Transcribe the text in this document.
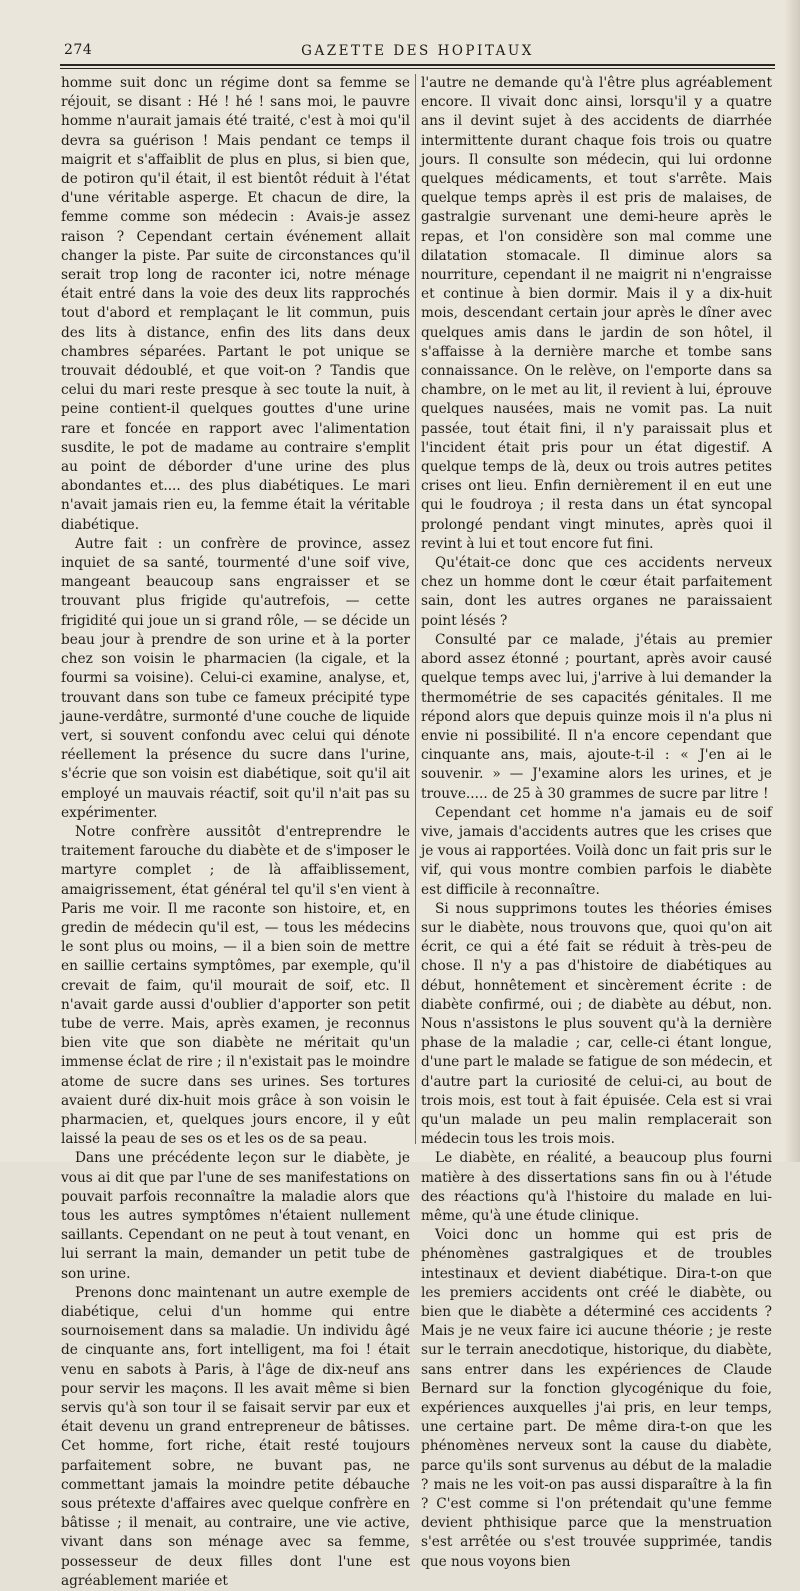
274	GAZETTE DES HOPITAUX

homme suit donc un régime dont sa femme se réjouit, se disant : Hé ! hé ! sans moi, le pauvre homme n'aurait jamais été traité, c'est à moi qu'il devra sa guérison ! Mais pendant ce temps il maigrit et s'affaiblit de plus en plus, si bien que, de potiron qu'il était, il est bientôt réduit à l'état d'une véritable asperge. Et chacun de dire, la femme comme son médecin : Avais-je assez raison ? Cependant certain événement allait changer la piste. Par suite de circonstances qu'il serait trop long de raconter ici, notre ménage était entré dans la voie des deux lits rapprochés tout d'abord et remplaçant le lit commun, puis des lits à distance, enfin des lits dans deux chambres séparées. Partant le pot unique se trouvait dédoublé, et que voit-on ? Tandis que celui du mari reste presque à sec toute la nuit, à peine contient-il quelques gouttes d'une urine rare et foncée en rapport avec l'alimentation susdite, le pot de madame au contraire s'emplit au point de déborder d'une urine des plus abondantes et.... des plus diabétiques. Le mari n'avait jamais rien eu, la femme était la véritable diabétique.

Autre fait : un confrère de province, assez inquiet de sa santé, tourmenté d'une soif vive, mangeant beaucoup sans engraisser et se trouvant plus frigide qu'autrefois, — cette frigidité qui joue un si grand rôle, — se décide un beau jour à prendre de son urine et à la porter chez son voisin le pharmacien (la cigale, et la fourmi sa voisine). Celui-ci examine, analyse, et, trouvant dans son tube ce fameux précipité type jaune-verdâtre, surmonté d'une couche de liquide vert, si souvent confondu avec celui qui dénote réellement la présence du sucre dans l'urine, s'écrie que son voisin est diabétique, soit qu'il ait employé un mauvais réactif, soit qu'il n'ait pas su expérimenter.

Notre confrère aussitôt d'entreprendre le traitement farouche du diabète et de s'imposer le martyre complet ; de là affaiblissement, amaigrissement, état général tel qu'il s'en vient à Paris me voir. Il me raconte son histoire, et, en gredin de médecin qu'il est, — tous les médecins le sont plus ou moins, — il a bien soin de mettre en saillie certains symptômes, par exemple, qu'il crevait de faim, qu'il mourait de soif, etc. Il n'avait garde aussi d'oublier d'apporter son petit tube de verre. Mais, après examen, je reconnus bien vite que son diabète ne méritait qu'un immense éclat de rire ; il n'existait pas le moindre atome de sucre dans ses urines. Ses tortures avaient duré dix-huit mois grâce à son voisin le pharmacien, et, quelques jours encore, il y eût laissé la peau de ses os et les os de sa peau.

Dans une précédente leçon sur le diabète, je vous ai dit que par l'une de ses manifestations on pouvait parfois reconnaître la maladie alors que tous les autres symptômes n'étaient nullement saillants. Cependant on ne peut à tout venant, en lui serrant la main, demander un petit tube de son urine.

Prenons donc maintenant un autre exemple de diabétique, celui d'un homme qui entre sournoisement dans sa maladie. Un individu âgé de cinquante ans, fort intelligent, ma foi ! était venu en sabots à Paris, à l'âge de dix-neuf ans pour servir les maçons. Il les avait même si bien servis qu'à son tour il se faisait servir par eux et était devenu un grand entrepreneur de bâtisses. Cet homme, fort riche, était resté toujours parfaitement sobre, ne buvant pas, ne commettant jamais la moindre petite débauche sous prétexte d'affaires avec quelque confrère en bâtisse ; il menait, au contraire, une vie active, vivant dans son ménage avec sa femme, possesseur de deux filles dont l'une est agréablement mariée et

l'autre ne demande qu'à l'être plus agréablement encore. Il vivait donc ainsi, lorsqu'il y a quatre ans il devint sujet à des accidents de diarrhée intermittente durant chaque fois trois ou quatre jours. Il consulte son médecin, qui lui ordonne quelques médicaments, et tout s'arrête. Mais quelque temps après il est pris de malaises, de gastralgie survenant une demi-heure après le repas, et l'on considère son mal comme une dilatation stomacale. Il diminue alors sa nourriture, cependant il ne maigrit ni n'engraisse et continue à bien dormir. Mais il y a dix-huit mois, descendant certain jour après le dîner avec quelques amis dans le jardin de son hôtel, il s'affaisse à la dernière marche et tombe sans connaissance. On le relève, on l'emporte dans sa chambre, on le met au lit, il revient à lui, éprouve quelques nausées, mais ne vomit pas. La nuit passée, tout était fini, il n'y paraissait plus et l'incident était pris pour un état digestif. A quelque temps de là, deux ou trois autres petites crises ont lieu. Enfin dernièrement il en eut une qui le foudroya ; il resta dans un état syncopal prolongé pendant vingt minutes, après quoi il revint à lui et tout encore fut fini.

Qu'était-ce donc que ces accidents nerveux chez un homme dont le cœur était parfaitement sain, dont les autres organes ne paraissaient point lésés ?

Consulté par ce malade, j'étais au premier abord assez étonné ; pourtant, après avoir causé quelque temps avec lui, j'arrive à lui demander la thermométrie de ses capacités génitales. Il me répond alors que depuis quinze mois il n'a plus ni envie ni possibilité. Il n'a encore cependant que cinquante ans, mais, ajoute-t-il : « J'en ai le souvenir. » — J'examine alors les urines, et je trouve..... de 25 à 30 grammes de sucre par litre !

Cependant cet homme n'a jamais eu de soif vive, jamais d'accidents autres que les crises que je vous ai rapportées. Voilà donc un fait pris sur le vif, qui vous montre combien parfois le diabète est difficile à reconnaître.

Si nous supprimons toutes les théories émises sur le diabète, nous trouvons que, quoi qu'on ait écrit, ce qui a été fait se réduit à très-peu de chose. Il n'y a pas d'histoire de diabétiques au début, honnêtement et sincèrement écrite : de diabète confirmé, oui ; de diabète au début, non. Nous n'assistons le plus souvent qu'à la dernière phase de la maladie ; car, celle-ci étant longue, d'une part le malade se fatigue de son médecin, et d'autre part la curiosité de celui-ci, au bout de trois mois, est tout à fait épuisée. Cela est si vrai qu'un malade un peu malin remplacerait son médecin tous les trois mois.

Le diabète, en réalité, a beaucoup plus fourni matière à des dissertations sans fin ou à l'étude des réactions qu'à l'histoire du malade en lui-même, qu'à une étude clinique.

Voici donc un homme qui est pris de phénomènes gastralgiques et de troubles intestinaux et devient diabétique. Dira-t-on que les premiers accidents ont créé le diabète, ou bien que le diabète a déterminé ces accidents ? Mais je ne veux faire ici aucune théorie ; je reste sur le terrain anecdotique, historique, du diabète, sans entrer dans les expériences de Claude Bernard sur la fonction glycogénique du foie, expériences auxquelles j'ai pris, en leur temps, une certaine part. De même dira-t-on que les phénomènes nerveux sont la cause du diabète, parce qu'ils sont survenus au début de la maladie ? mais ne les voit-on pas aussi disparaître à la fin ? C'est comme si l'on prétendait qu'une femme devient phthisique parce que la menstruation s'est arrêtée ou s'est trouvée supprimée, tandis que nous voyons bien
